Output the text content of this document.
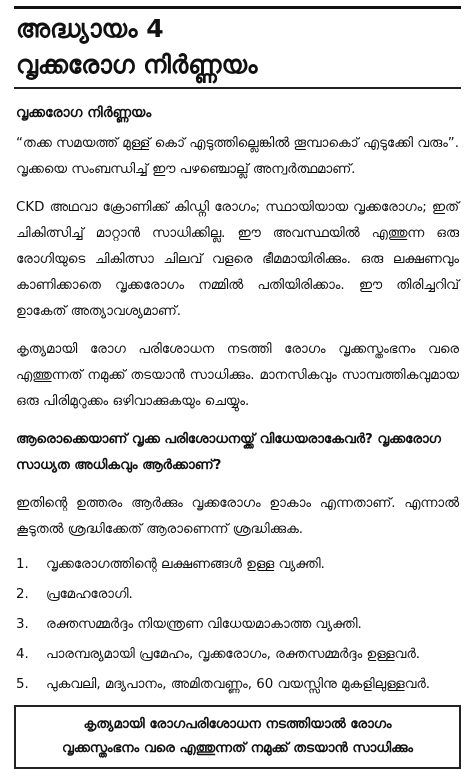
അദ്ധ്യായം 4
വൃക്കരോഗ നിർണ്ണയം
വൃക്കരോഗ നിർണ്ണയം

“തക്ക സമയത്ത് മുള്ള് കൊ് എടുത്തില്ലെങ്കിൽ തൂമ്പാകൊ് എടുക്കേി വരും”. വൃക്കയെ സംബന്ധിച്ച് ഈ പഴഞ്ചൊല്ല് അന്വർത്ഥമാണ്.

CKD അഥവാ ക്രോണിക്ക് കിഡ്നി രോഗം; സ്ഥായിയായ വൃക്കരോഗം; ഇത് ചികിത്സിച്ച് മാറ്റാൻ സാധിക്കില്ല. ഈ അവസ്ഥയിൽ എത്തുന്ന ഒരു രോഗിയുടെ ചികിത്സാ ചിലവ് വളരെ ഭീമമായിരിക്കും. ഒരു ലക്ഷണവും കാണിക്കാതെ വൃക്കരോഗം നമ്മിൽ പതിയിരിക്കാം. ഈ തിരിച്ചറിവ് ഉാകേത് അത്യാവശ്യമാണ്.

കൃത്യമായി രോഗ പരിശോധന നടത്തി രോഗം വൃക്കസ്തംഭനം വരെ എത്തുന്നത് നമുക്ക് തടയാൻ സാധിക്കും. മാനസികവും സാമ്പത്തികവുമായ ഒരു പിരിമുറുക്കം ഒഴിവാക്കുകയും ചെയ്യും.

ആരൊക്കെയാണ് വൃക്ക പരിശോധനയ്ക്ക് വിധേയരാകേവർ? വൃക്കരോഗ സാധ്യത അധികവും ആർക്കാണ്?

ഇതിന്റെ ഉത്തരം ആർക്കും വൃക്കരോഗം ഉാകാം എന്നതാണ്. എന്നാൽ കൂടുതൽ ശ്രദ്ധിക്കേത് ആരാണെന്ന് ശ്രദ്ധിക്കുക.

1.	വൃക്കരോഗത്തിന്റെ ലക്ഷണങ്ങൾ ഉള്ള വ്യക്തി.
2.	പ്രമേഹരോഗി.
3.	രക്തസമ്മർദ്ദം നിയന്ത്രണ വിധേയമാകാത്ത വ്യക്തി.
4.	പാരമ്പര്യമായി പ്രമേഹം, വൃക്കരോഗം, രക്തസമ്മർദ്ദം ഉള്ളവർ.
5.	പുകവലി, മദ്യപാനം, അമിതവണ്ണം, 60 വയസ്സിനു മുകളിലുള്ളവർ.
കൃത്യമായി രോഗപരിശോധന നടത്തിയാൽ രോഗം
വൃക്കസ്തംഭനം വരെ എത്തുന്നത് നമുക്ക് തടയാൻ സാധിക്കും
